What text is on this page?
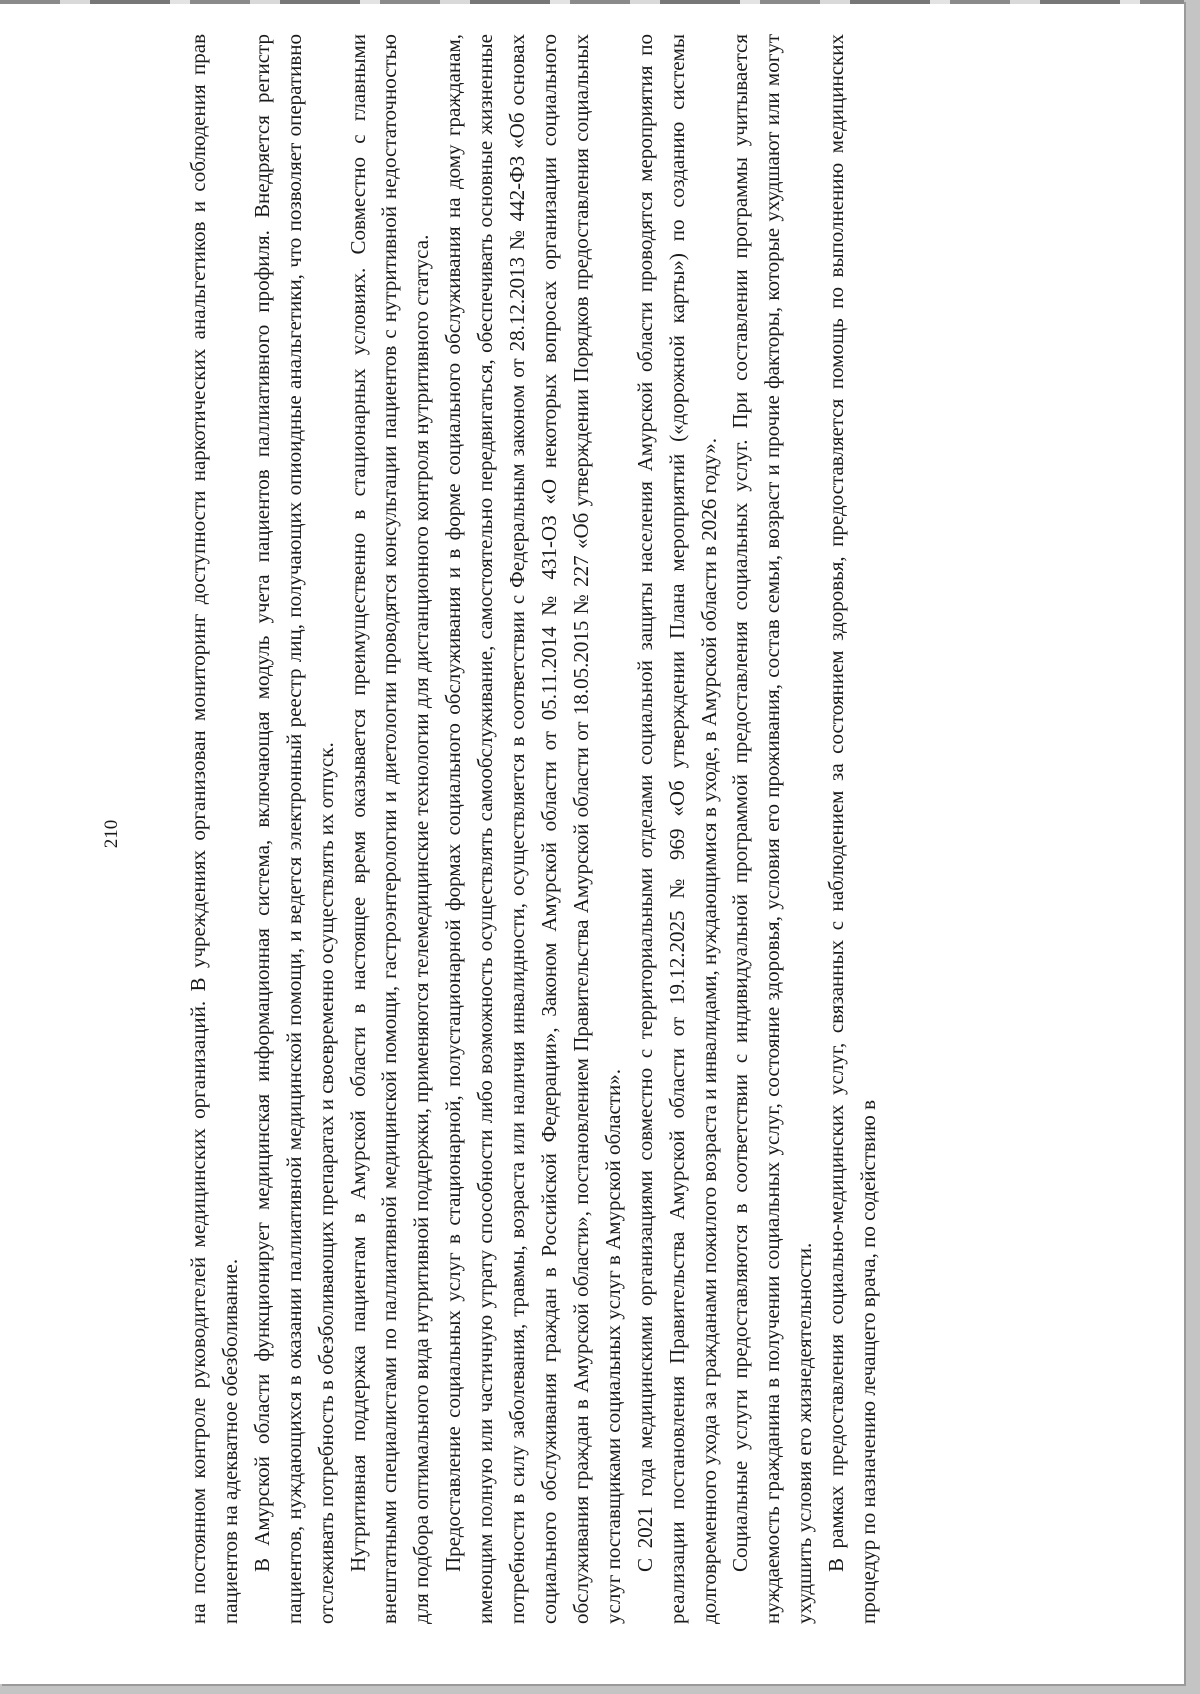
210	на постоянном контроле руководителей медицинских организаций. В учреждениях организован мониторинг доступности наркотических анальгетиков и соблюдения прав пациентов на адекватное обезболивание. В Амурской области функционирует медицинская информационная система, включающая модуль учета пациентов паллиативного профиля. Внедряется регистр пациентов, нуждающихся в оказании паллиативной медицинской помощи, и ведется электронный реестр лиц, получающих опиоидные анальгетики, что позволяет оперативно отслеживать потребность в обезболивающих препаратах и своевременно осуществлять их отпуск. Нутритивная поддержка пациентам в Амурской области в настоящее время оказывается преимущественно в стационарных условиях. Совместно с главными внештатными специалистами по паллиативной медицинской помощи, гастроэнтерологии и диетологии проводятся консультации пациентов с нутритивной недостаточностью для подбора оптимального вида нутритивной поддержки, применяются телемедицинские технологии для дистанционного контроля нутритивного статуса. Предоставление социальных услуг в стационарной, полустационарной формах социального обслуживания и в форме социального обслуживания на дому гражданам, имеющим полную или частичную утрату способности либо возможность осуществлять самообслуживание, самостоятельно передвигаться, обеспечивать основные жизненные потребности в силу заболевания, травмы, возраста или наличия инвалидности, осуществляется в соответствии с Федеральным законом от 28.12.2013 № 442-ФЗ «Об основах социального обслуживания граждан в Российской Федерации», Законом Амурской области от 05.11.2014 № 431-ОЗ «О некоторых вопросах организации социального обслуживания граждан в Амурской области», постановлением Правительства Амурской области от 18.05.2015 № 227 «Об утверждении Порядков предоставления социальных услуг поставщиками социальных услуг в Амурской области». С 2021 года медицинскими организациями совместно с территориальными отделами социальной защиты населения Амурской области проводятся мероприятия по реализации постановления Правительства Амурской области от 19.12.2025 № 969 «Об утверждении Плана мероприятий («дорожной карты») по созданию системы долговременного ухода за гражданами пожилого возраста и инвалидами, нуждающимися в уходе, в Амурской области в 2026 году». Социальные услуги предоставляются в соответствии с индивидуальной программой предоставления социальных услуг. При составлении программы учитывается нуждаемость гражданина в получении социальных услуг, состояние здоровья, условия его проживания, состав семьи, возраст и прочие факторы, которые ухудшают или могут ухудшить условия его жизнедеятельности. В рамках предоставления социально-медицинских услуг, связанных с наблюдением за состоянием здоровья, предоставляется помощь по выполнению медицинских процедур по назначению лечащего врача, по содействию в
